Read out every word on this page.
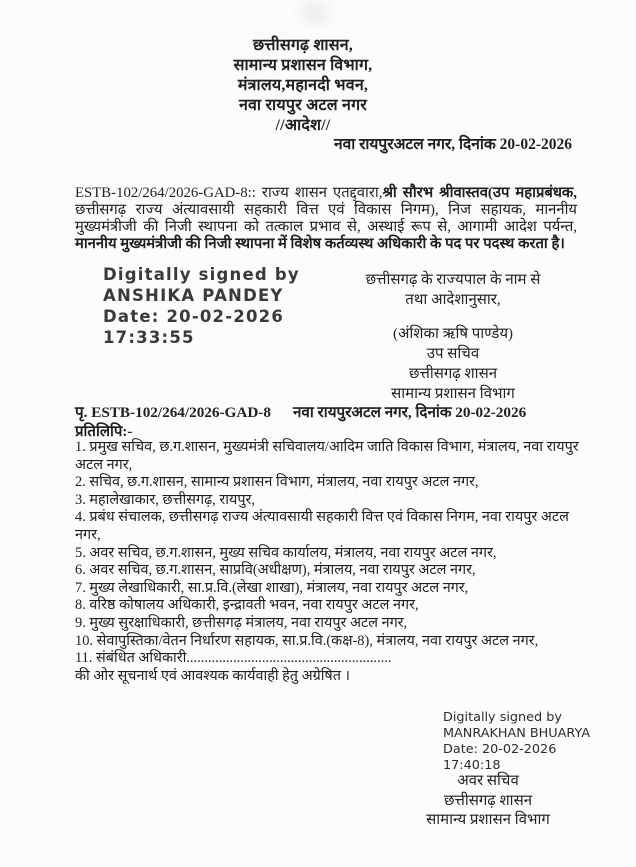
छत्तीसगढ़ शासन,
सामान्य प्रशासन विभाग,
मंत्रालय,महानदी भवन,
नवा रायपुर अटल नगर
//आदेश//
नवा रायपुरअटल नगर, दिनांक 20-02-2026

ESTB-102/264/2026-GAD-8:: राज्य शासन एतद्द्वारा,श्री सौरभ श्रीवास्तव(उप महाप्रबंधक, छत्तीसगढ़ राज्य अंत्यावसायी सहकारी वित्त एवं विकास निगम), निज सहायक, माननीय मुख्यमंत्रीजी की निजी स्थापना को तत्काल प्रभाव से, अस्थाई रूप से, आगामी आदेश पर्यन्त, माननीय मुख्यमंत्रीजी की निजी स्थापना में विशेष कर्तव्यस्थ अधिकारी के पद पर पदस्थ करता है।

Digitally signed by
ANSHIKA PANDEY
Date: 20-02-2026
17:33:55
छत्तीसगढ़ के राज्यपाल के नाम से
तथा आदेशानुसार,
(अंशिका ऋषि पाण्डेय)
उप सचिव
छत्तीसगढ़ शासन
सामान्य प्रशासन विभाग
पृ. ESTB-102/264/2026-GAD-8 नवा रायपुरअटल नगर, दिनांक 20-02-2026
प्रतिलिपि:-
1. प्रमुख सचिव, छ.ग.शासन, मुख्यमंत्री सचिवालय/आदिम जाति विकास विभाग, मंत्रालय, नवा रायपुर अटल नगर,
2. सचिव, छ.ग.शासन, सामान्य प्रशासन विभाग, मंत्रालय, नवा रायपुर अटल नगर,
3. महालेखाकार, छत्तीसगढ़, रायपुर,
4. प्रबंध संचालक, छत्तीसगढ़ राज्य अंत्यावसायी सहकारी वित्त एवं विकास निगम, नवा रायपुर अटल नगर,
5. अवर सचिव, छ.ग.शासन, मुख्य सचिव कार्यालय, मंत्रालय, नवा रायपुर अटल नगर,
6. अवर सचिव, छ.ग.शासन, साप्रवि(अधीक्षण), मंत्रालय, नवा रायपुर अटल नगर,
7. मुख्य लेखाधिकारी, सा.प्र.वि.(लेखा शाखा), मंत्रालय, नवा रायपुर अटल नगर,
8. वरिष्ठ कोषालय अधिकारी, इन्द्रावती भवन, नवा रायपुर अटल नगर,
9. मुख्य सुरक्षाधिकारी, छत्तीसगढ़ मंत्रालय, नवा रायपुर अटल नगर,
10. सेवापुस्तिका/वेतन निर्धारण सहायक, सा.प्र.वि.(कक्ष-8), मंत्रालय, नवा रायपुर अटल नगर,
11. संबंधित अधिकारी.........................................................
की ओर सूचनार्थ एवं आवश्यक कार्यवाही हेतु अग्रेषित ।
Digitally signed by
MANRAKHAN BHUARYA
Date: 20-02-2026
17:40:18
अवर सचिव
छत्तीसगढ़ शासन
सामान्य प्रशासन विभाग
